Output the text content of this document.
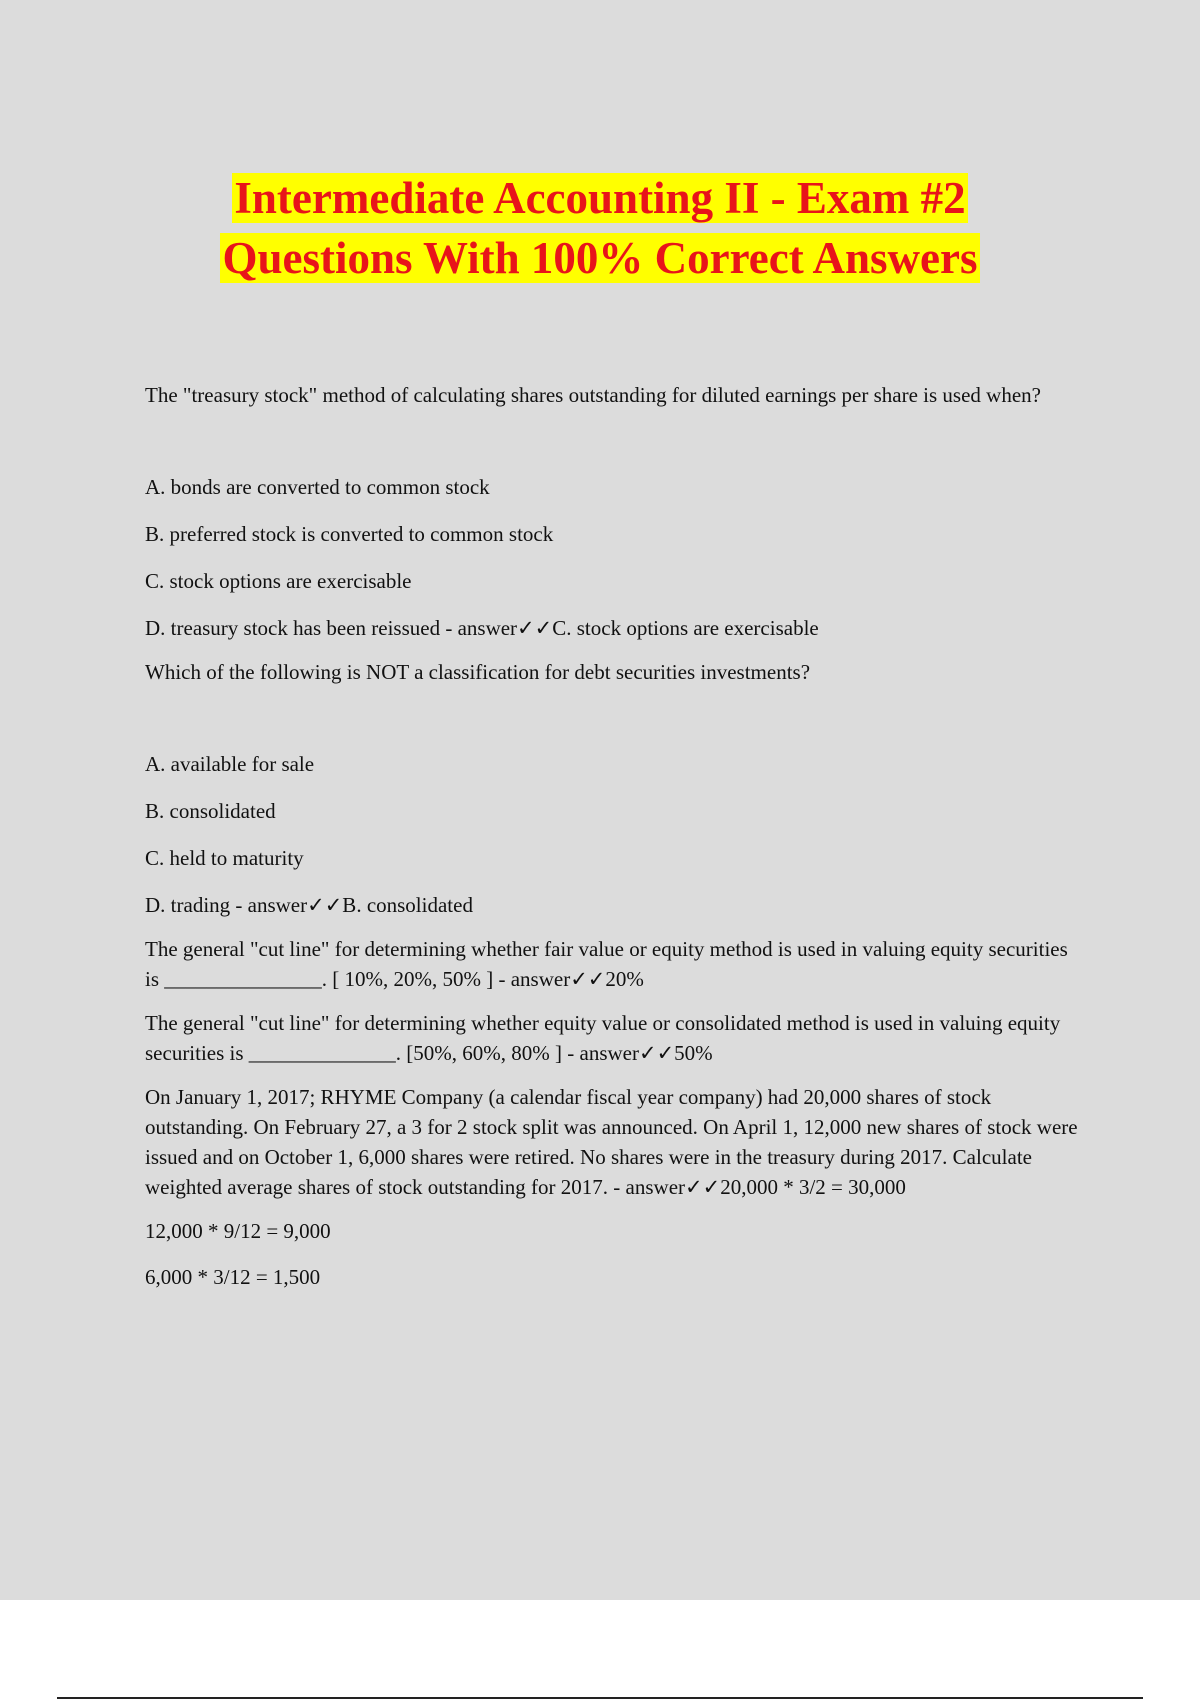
Intermediate Accounting II - Exam #2
Questions With 100% Correct Answers

The "treasury stock" method of calculating shares outstanding for diluted earnings per share is used when?

A. bonds are converted to common stock

B. preferred stock is converted to common stock

C. stock options are exercisable

D. treasury stock has been reissued - answer✓✓C. stock options are exercisable

Which of the following is NOT a classification for debt securities investments?

A. available for sale

B. consolidated

C. held to maturity

D. trading - answer✓✓B. consolidated

The general "cut line" for determining whether fair value or equity method is used in valuing equity securities is _______________. [ 10%, 20%, 50% ] - answer✓✓20%

The general "cut line" for determining whether equity value or consolidated method is used in valuing equity securities is ______________. [50%, 60%, 80% ] - answer✓✓50%

On January 1, 2017; RHYME Company (a calendar fiscal year company) had 20,000 shares of stock outstanding. On February 27, a 3 for 2 stock split was announced. On April 1, 12,000 new shares of stock were issued and on October 1, 6,000 shares were retired. No shares were in the treasury during 2017. Calculate weighted average shares of stock outstanding for 2017. - answer✓✓20,000 * 3/2 = 30,000

12,000 * 9/12 = 9,000

6,000 * 3/12 = 1,500
